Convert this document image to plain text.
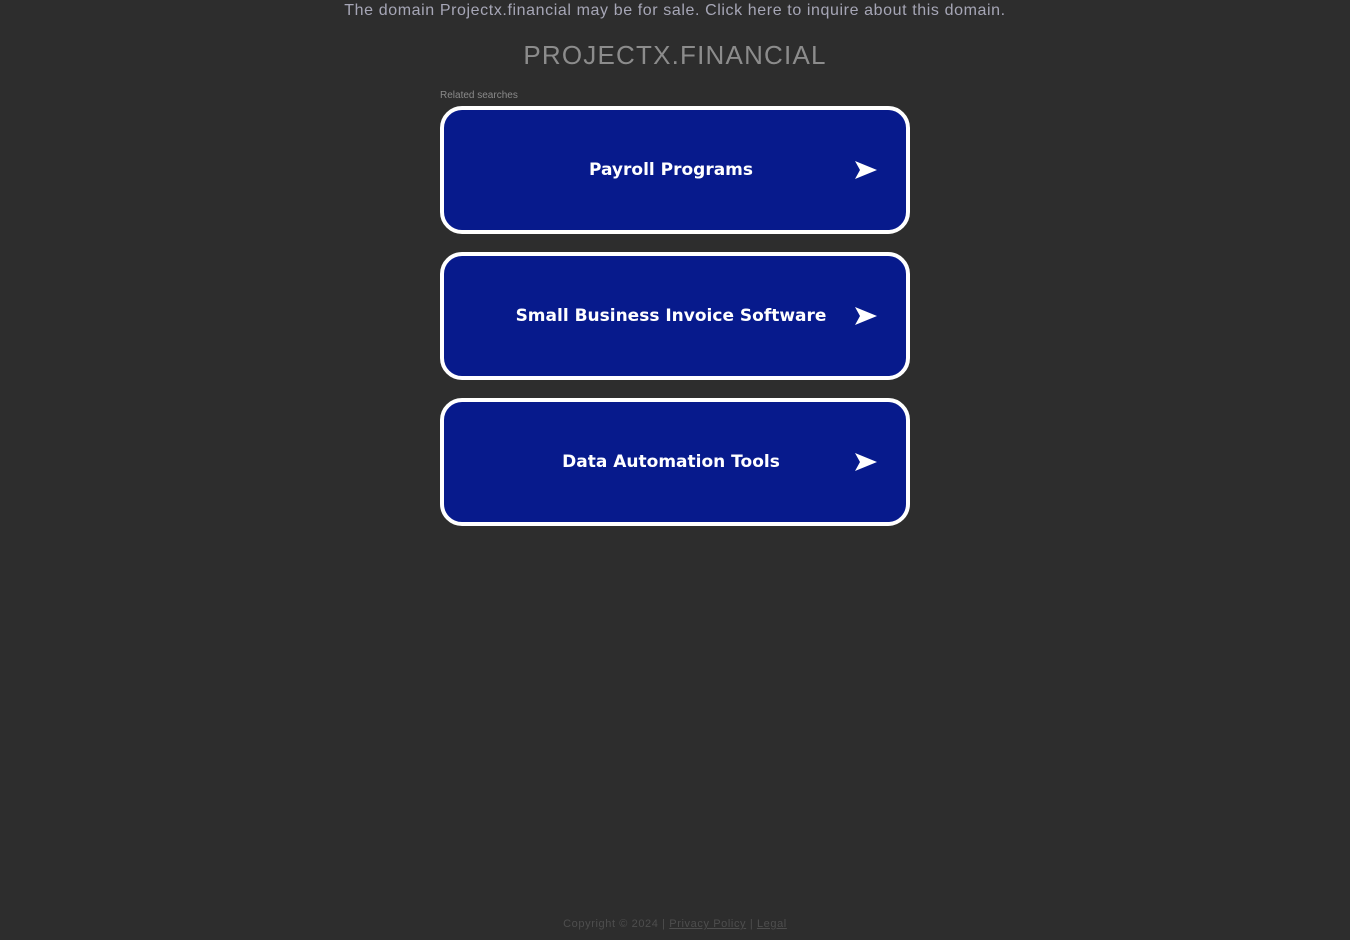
The domain Projectx.financial may be for sale. Click here to inquire about this domain.
PROJECTX.FINANCIAL
Related searches
Payroll Programs
Small Business Invoice Software
Data Automation Tools
Copyright © 2024 | Privacy Policy | Legal
